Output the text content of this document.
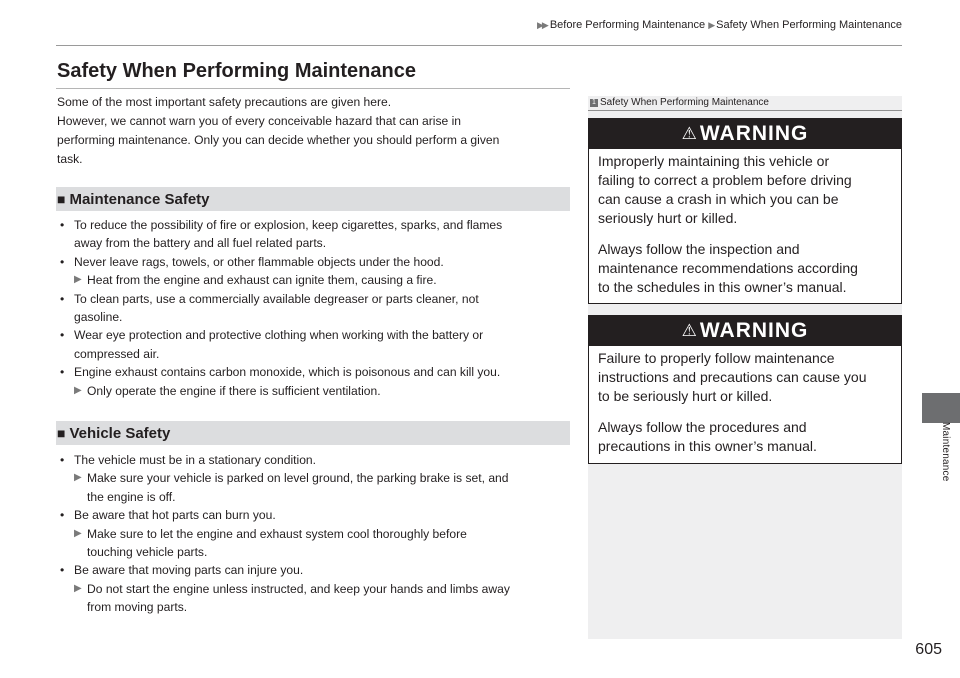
▶▶ Before Performing Maintenance ▶ Safety When Performing Maintenance
Maintenance
Safety When Performing Maintenance
Some of the most important safety precautions are given here.
However, we cannot warn you of every conceivable hazard that can arise in
performing maintenance. Only you can decide whether you should perform a given
task.
■ Maintenance Safety
• To reduce the possibility of fire or explosion, keep cigarettes, sparks, and flames
away from the battery and all fuel related parts.
• Never leave rags, towels, or other flammable objects under the hood.
▶ Heat from the engine and exhaust can ignite them, causing a fire.
• To clean parts, use a commercially available degreaser or parts cleaner, not
gasoline.
• Wear eye protection and protective clothing when working with the battery or
compressed air.
• Engine exhaust contains carbon monoxide, which is poisonous and can kill you.
▶ Only operate the engine if there is sufficient ventilation.
■ Vehicle Safety
• The vehicle must be in a stationary condition.
▶ Make sure your vehicle is parked on level ground, the parking brake is set, and
the engine is off.
• Be aware that hot parts can burn you.
▶ Make sure to let the engine and exhaust system cool thoroughly before
touching vehicle parts.
• Be aware that moving parts can injure you.
▶ Do not start the engine unless instructed, and keep your hands and limbs away
from moving parts.
1 Safety When Performing Maintenance
⚠ WARNING
Improperly maintaining this vehicle or
failing to correct a problem before driving
can cause a crash in which you can be
seriously hurt or killed.
Always follow the inspection and
maintenance recommendations according
to the schedules in this owner’s manual.
⚠ WARNING
Failure to properly follow maintenance
instructions and precautions can cause you
to be seriously hurt or killed.
Always follow the procedures and
precautions in this owner’s manual.
605
